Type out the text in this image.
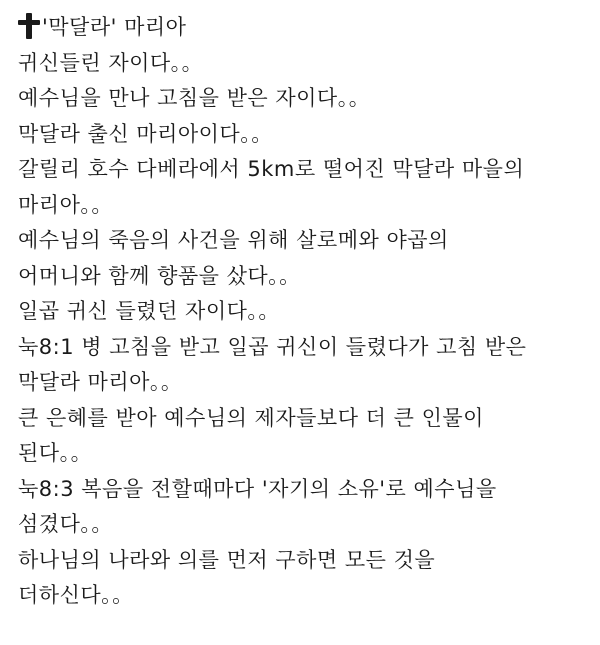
'막달라' 마리아
귀신들린 자이다。。
예수님을 만나 고침을 받은 자이다。。
막달라 출신 마리아이다。。
갈릴리 호수 다베라에서 5km로 떨어진 막달라 마을의
마리아。。
예수님의 죽음의 사건을 위해 살로메와 야곱의
어머니와 함께 향품을 샀다。。
일곱 귀신 들렸던 자이다。。
눅8:1 병 고침을 받고 일곱 귀신이 들렸다가 고침 받은
막달라 마리아。。
큰 은혜를 받아 예수님의 제자들보다 더 큰 인물이
된다。。
눅8:3 복음을 전할때마다 '자기의 소유'로 예수님을
섬겼다。。
하나님의 나라와 의를 먼저 구하면 모든 것을
더하신다。。
